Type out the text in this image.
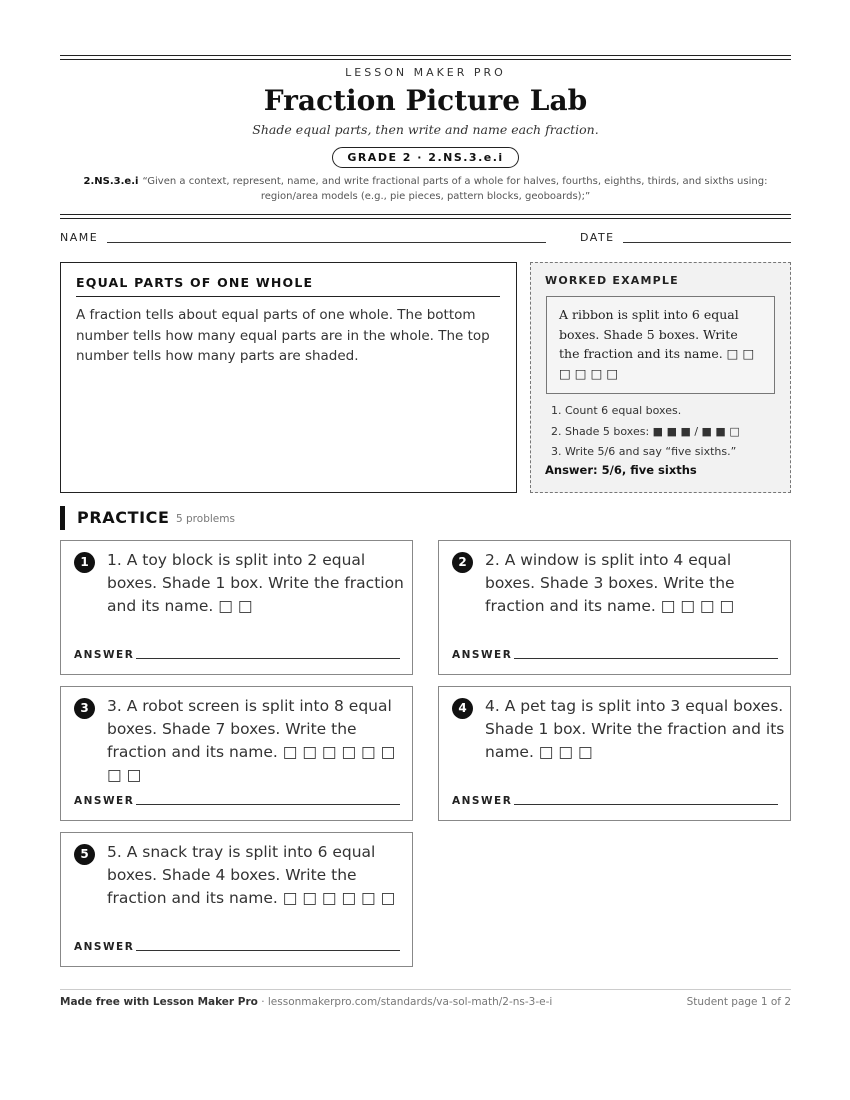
LESSON MAKER PRO
Fraction Picture Lab
Shade equal parts, then write and name each fraction.
GRADE 2 · 2.NS.3.e.i
2.NS.3.e.i “Given a context, represent, name, and write fractional parts of a whole for halves, fourths, eighths, thirds, and sixths using: region/area models (e.g., pie pieces, pattern blocks, geoboards);”
NAME	DATE
EQUAL PARTS OF ONE WHOLE
A fraction tells about equal parts of one whole. The bottom number tells how many equal parts are in the whole. The top number tells how many parts are shaded.
WORKED EXAMPLE
A ribbon is split into 6 equal boxes. Shade 5 boxes. Write the fraction and its name. □ □ □ □ □ □
1. Count 6 equal boxes.
2. Shade 5 boxes: ■ ■ ■ / ■ ■ □
3. Write 5/6 and say “five sixths.”
Answer: 5/6, five sixths
PRACTICE 5 problems
1	1. A toy block is split into 2 equal boxes. Shade 1 box. Write the fraction and its name. □ □
ANSWER
2	2. A window is split into 4 equal boxes. Shade 3 boxes. Write the fraction and its name. □ □ □ □
ANSWER
3	3. A robot screen is split into 8 equal boxes. Shade 7 boxes. Write the fraction and its name. □ □ □ □ □ □ □ □
ANSWER
4	4. A pet tag is split into 3 equal boxes. Shade 1 box. Write the fraction and its name. □ □ □
ANSWER
5	5. A snack tray is split into 6 equal boxes. Shade 4 boxes. Write the fraction and its name. □ □ □ □ □ □
ANSWER
Made free with Lesson Maker Pro · lessonmakerpro.com/standards/va-sol-math/2-ns-3-e-i	Student page 1 of 2
